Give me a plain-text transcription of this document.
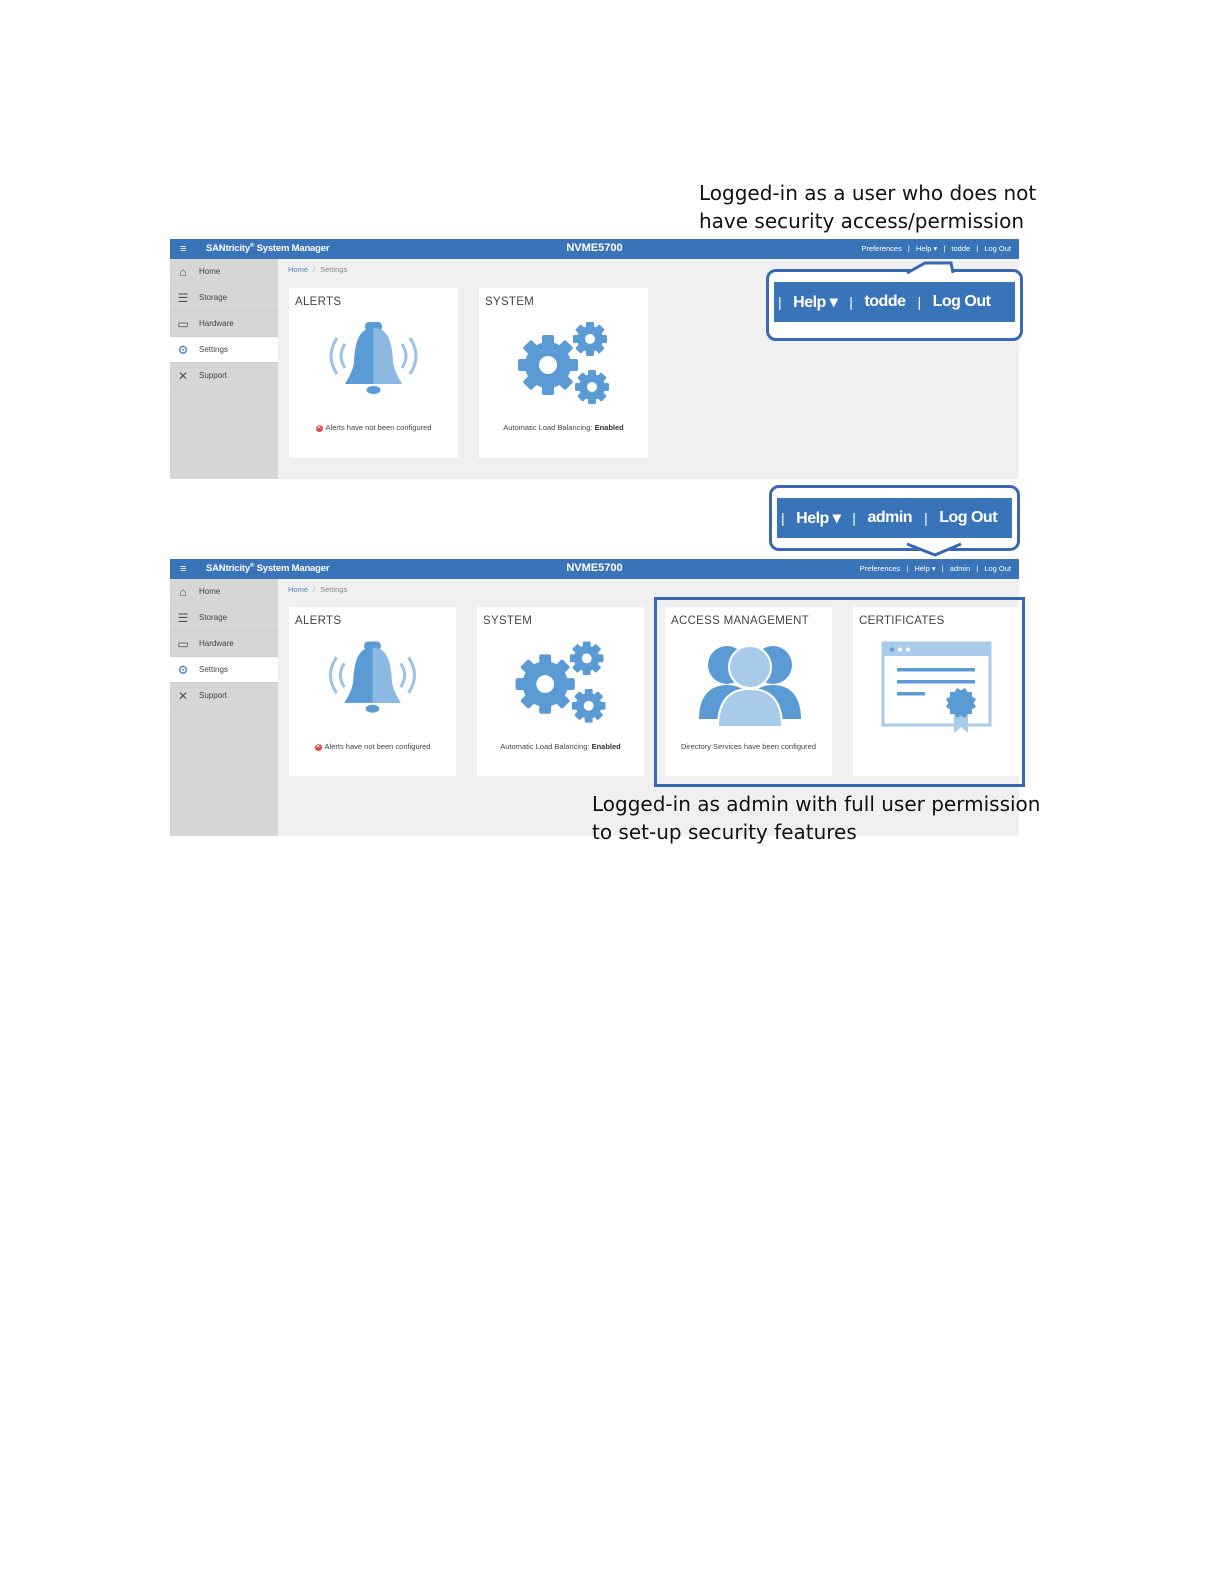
Logged-in as a user who does not
have security access/permission
≡ SANtricity® System Manager	NVME5700	Preferences | Help ▾ | todde | Log Out
⌂	Home
☰ Storage
▭ Hardware
⚙ Settings
✕ Support
Home / Settings
ALERTS
✕ Alerts have not been configured
SYSTEM
Automatic Load Balancing: Enabled
| Help ▾ | todde | Log Out
| Help ▾ | admin | Log Out
≡ SANtricity® System Manager	NVME5700	Preferences | Help ▾ | admin | Log Out
⌂	Home
☰ Storage
▭ Hardware
⚙ Settings
✕ Support
Home / Settings
ALERTS
✕ Alerts have not been configured
SYSTEM
Automatic Load Balancing: Enabled
ACCESS MANAGEMENT
Directory Services have been configured
CERTIFICATES
Logged-in as admin with full user permission
to set-up security features
